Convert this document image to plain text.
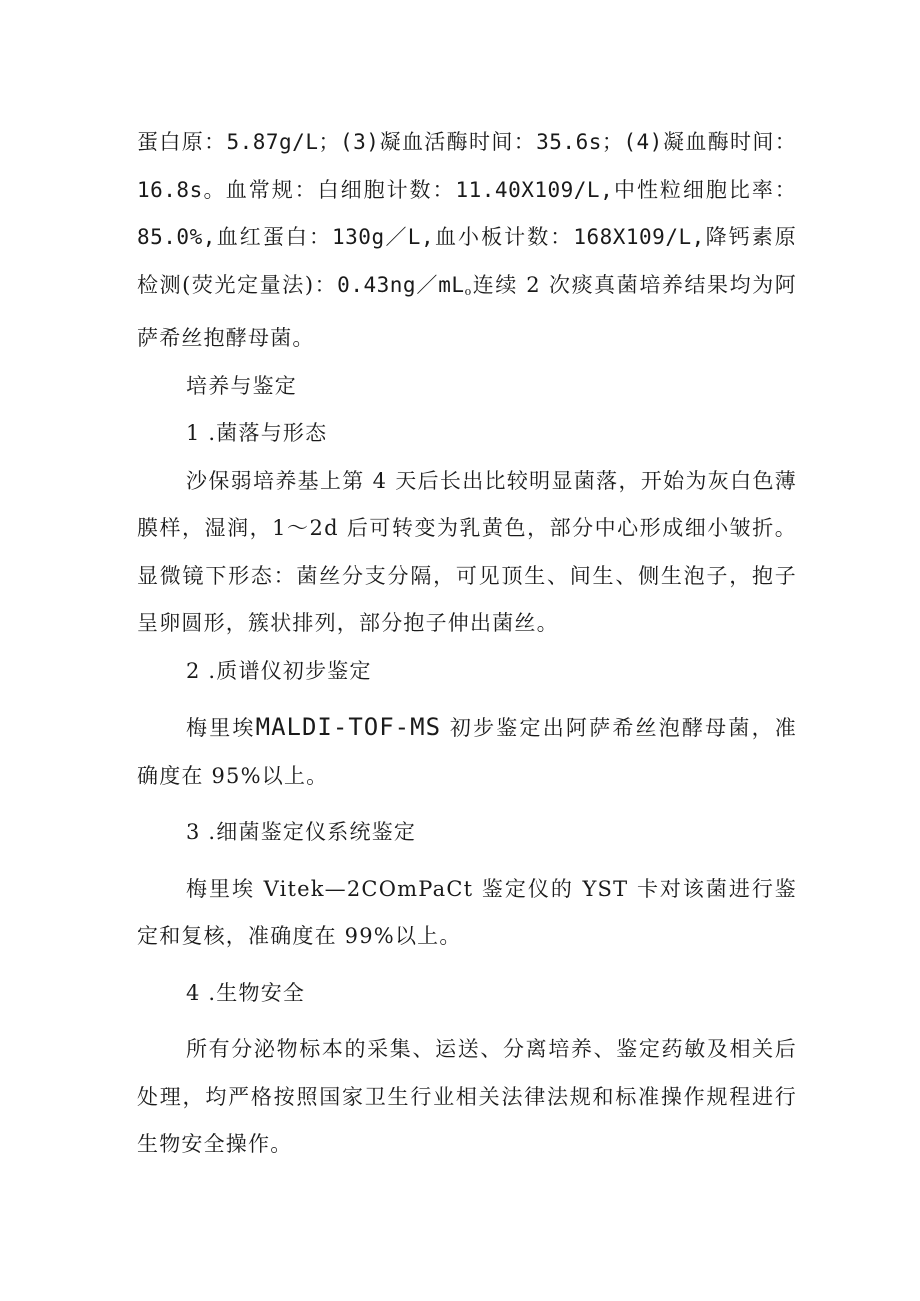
蛋白原：5.87g/L；(3)凝血活酶时间：35.6s；(4)凝血酶时间：16.8s。血常规：白细胞计数：11.40X109/L,中性粒细胞比率：85.0%,血红蛋白：130g／L,血小板计数：168X109/L,降钙素原检测(荧光定量法)：$0.43ng/mL_o$连续 2 次痰真菌培养结果均为阿萨希丝抱酵母菌。

培养与鉴定

1 .菌落与形态

沙保弱培养基上第 4 天后长出比较明显菌落，开始为灰白色薄膜样，湿润，1～2d 后可转变为乳黄色，部分中心形成细小皱折。显微镜下形态：菌丝分支分隔，可见顶生、间生、侧生泡子，抱子呈卵圆形，簇状排列，部分抱子伸出菌丝。

2 .质谱仪初步鉴定

梅里埃MALDI-TOF-MS 初步鉴定出阿萨希丝泡酵母菌，准确度在 95%以上。

3 .细菌鉴定仪系统鉴定

梅里埃 Vitek—2COmPaCt 鉴定仪的 YST 卡对该菌进行鉴定和复核，准确度在 99%以上。

4 .生物安全

所有分泌物标本的采集、运送、分离培养、鉴定药敏及相关后处理，均严格按照国家卫生行业相关法律法规和标准操作规程进行生物安全操作。
